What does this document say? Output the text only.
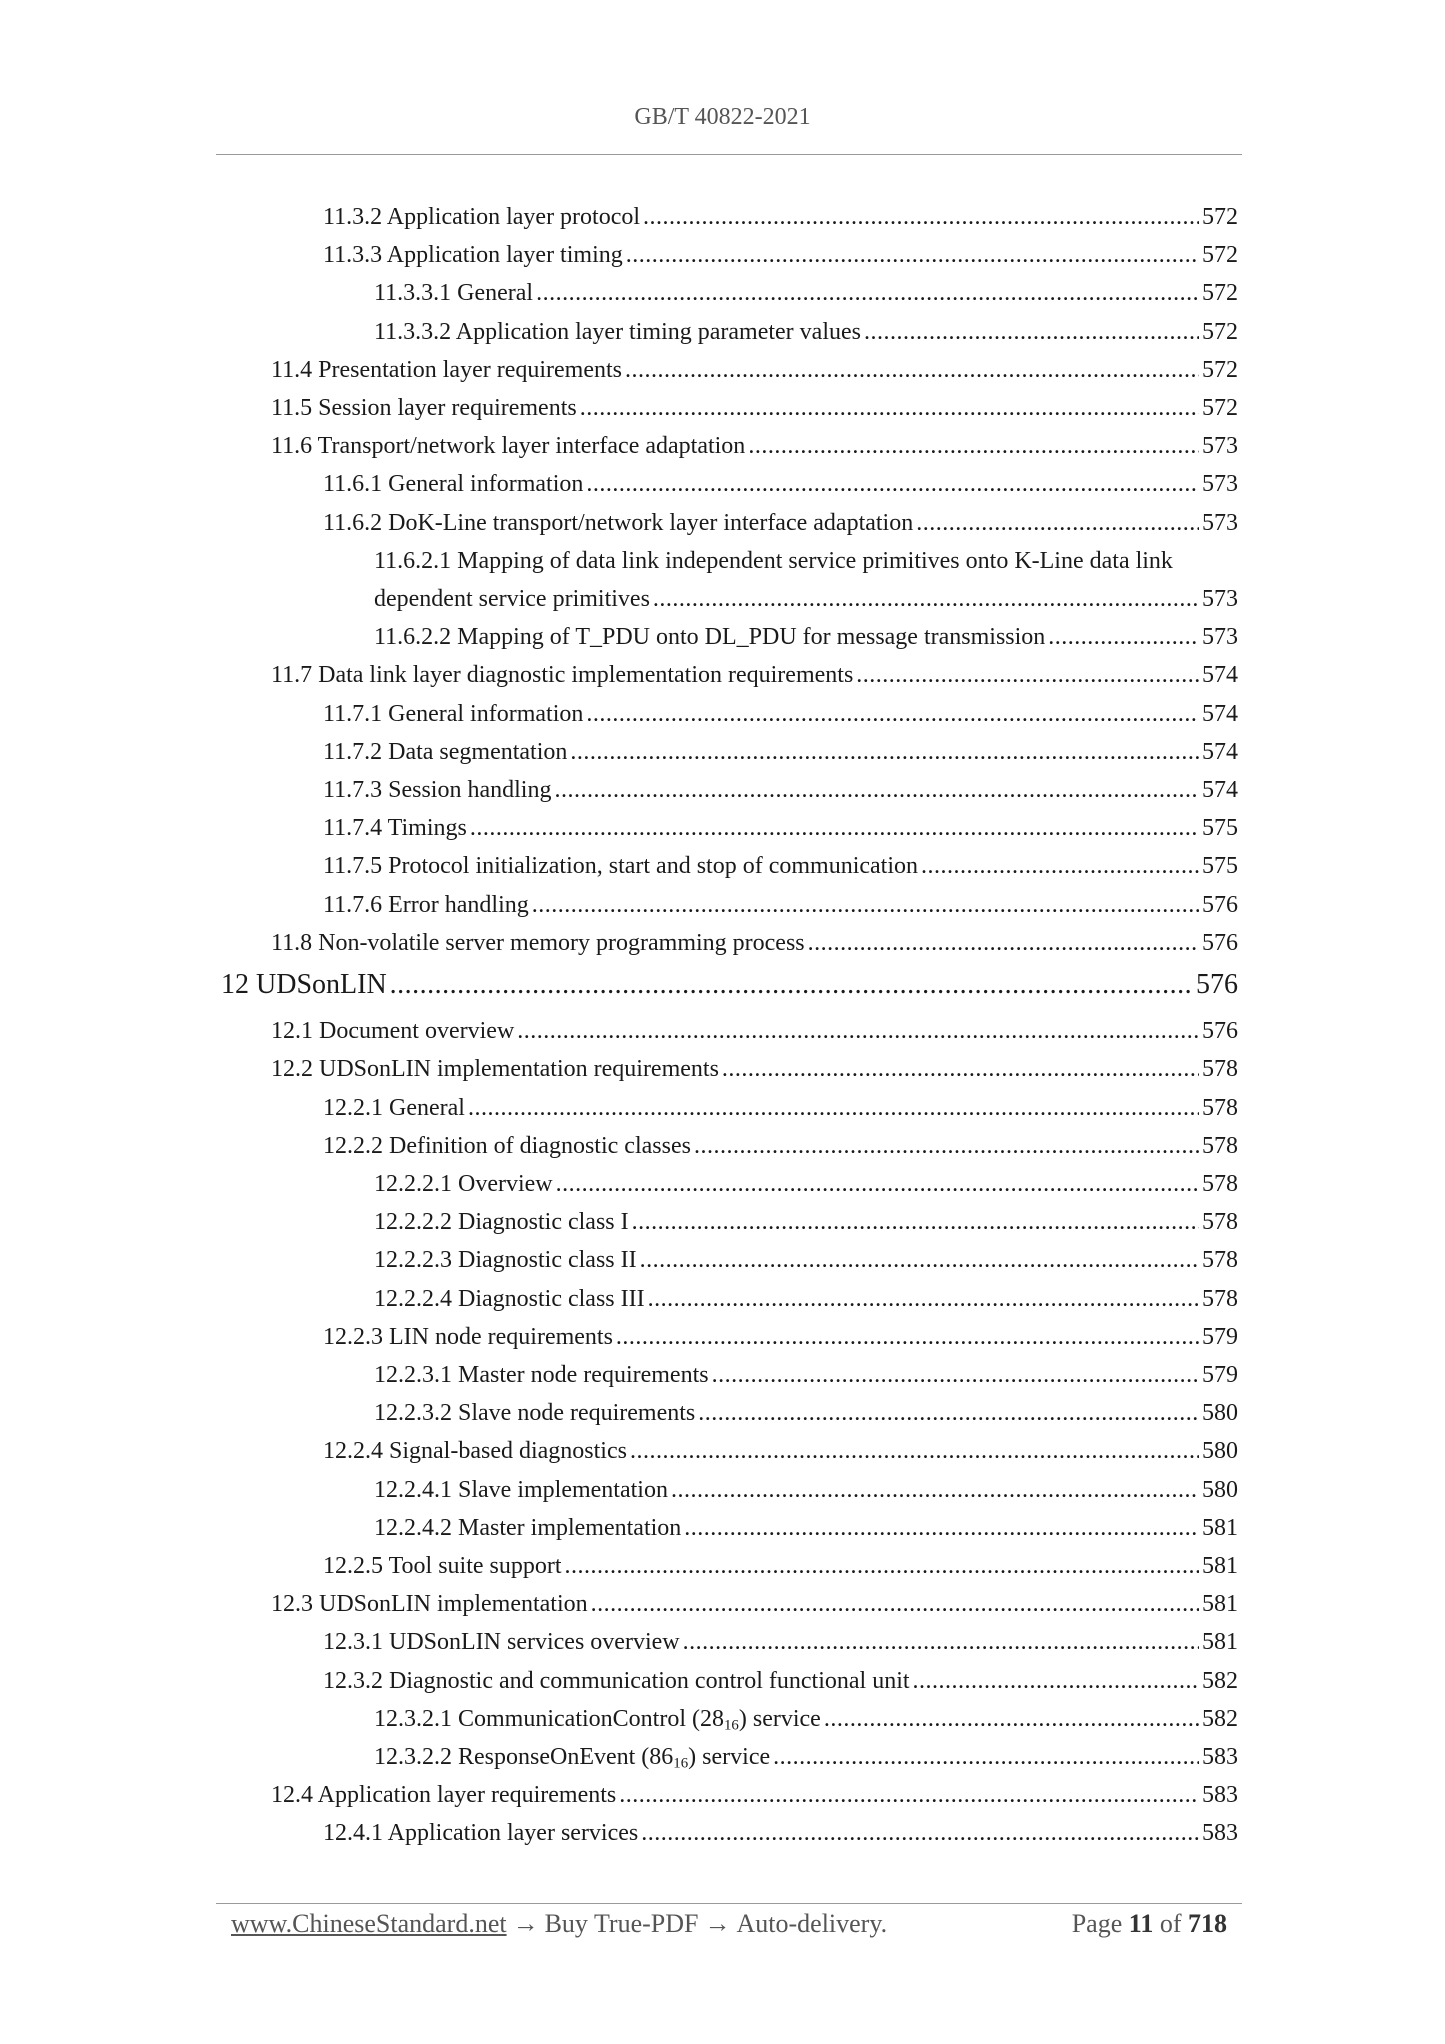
GB/T 40822-2021
11.3.2 Application layer protocol .....	572
11.3.3 Application layer timing .....	572
11.3.3.1 General .....	572
11.3.3.2 Application layer timing parameter values .....	572
11.4 Presentation layer requirements .....	572
11.5 Session layer requirements .....	572
11.6 Transport/network layer interface adaptation .....	573
11.6.1 General information .....	573
11.6.2 DoK-Line transport/network layer interface adaptation .....	573
11.6.2.1 Mapping of data link independent service primitives onto K-Line data link
dependent service primitives .....	573
11.6.2.2 Mapping of T_PDU onto DL_PDU for message transmission .....	573
11.7 Data link layer diagnostic implementation requirements .....	574
11.7.1 General information .....	574
11.7.2 Data segmentation .....	574
11.7.3 Session handling .....	574
11.7.4 Timings .....	575
11.7.5 Protocol initialization, start and stop of communication .....	575
11.7.6 Error handling .....	576
11.8 Non-volatile server memory programming process .....	576
12 UDSonLIN .....	576
12.1 Document overview .....	576
12.2 UDSonLIN implementation requirements .....	578
12.2.1 General .....	578
12.2.2 Definition of diagnostic classes .....	578
12.2.2.1 Overview .....	578
12.2.2.2 Diagnostic class I .....	578
12.2.2.3 Diagnostic class II .....	578
12.2.2.4 Diagnostic class III .....	578
12.2.3 LIN node requirements .....	579
12.2.3.1 Master node requirements .....	579
12.2.3.2 Slave node requirements .....	580
12.2.4 Signal-based diagnostics .....	580
12.2.4.1 Slave implementation .....	580
12.2.4.2 Master implementation .....	581
12.2.5 Tool suite support .....	581
12.3 UDSonLIN implementation .....	581
12.3.1 UDSonLIN services overview .....	581
12.3.2 Diagnostic and communication control functional unit .....	582
12.3.2.1 CommunicationControl $(28_{16})$ service .....	582
12.3.2.2 ResponseOnEvent $(86_{16})$ service .....	583
12.4 Application layer requirements .....	583
12.4.1 Application layer services .....	583
www.ChineseStandard.net → Buy True-PDF → Auto-delivery.	Page 11 of 718
